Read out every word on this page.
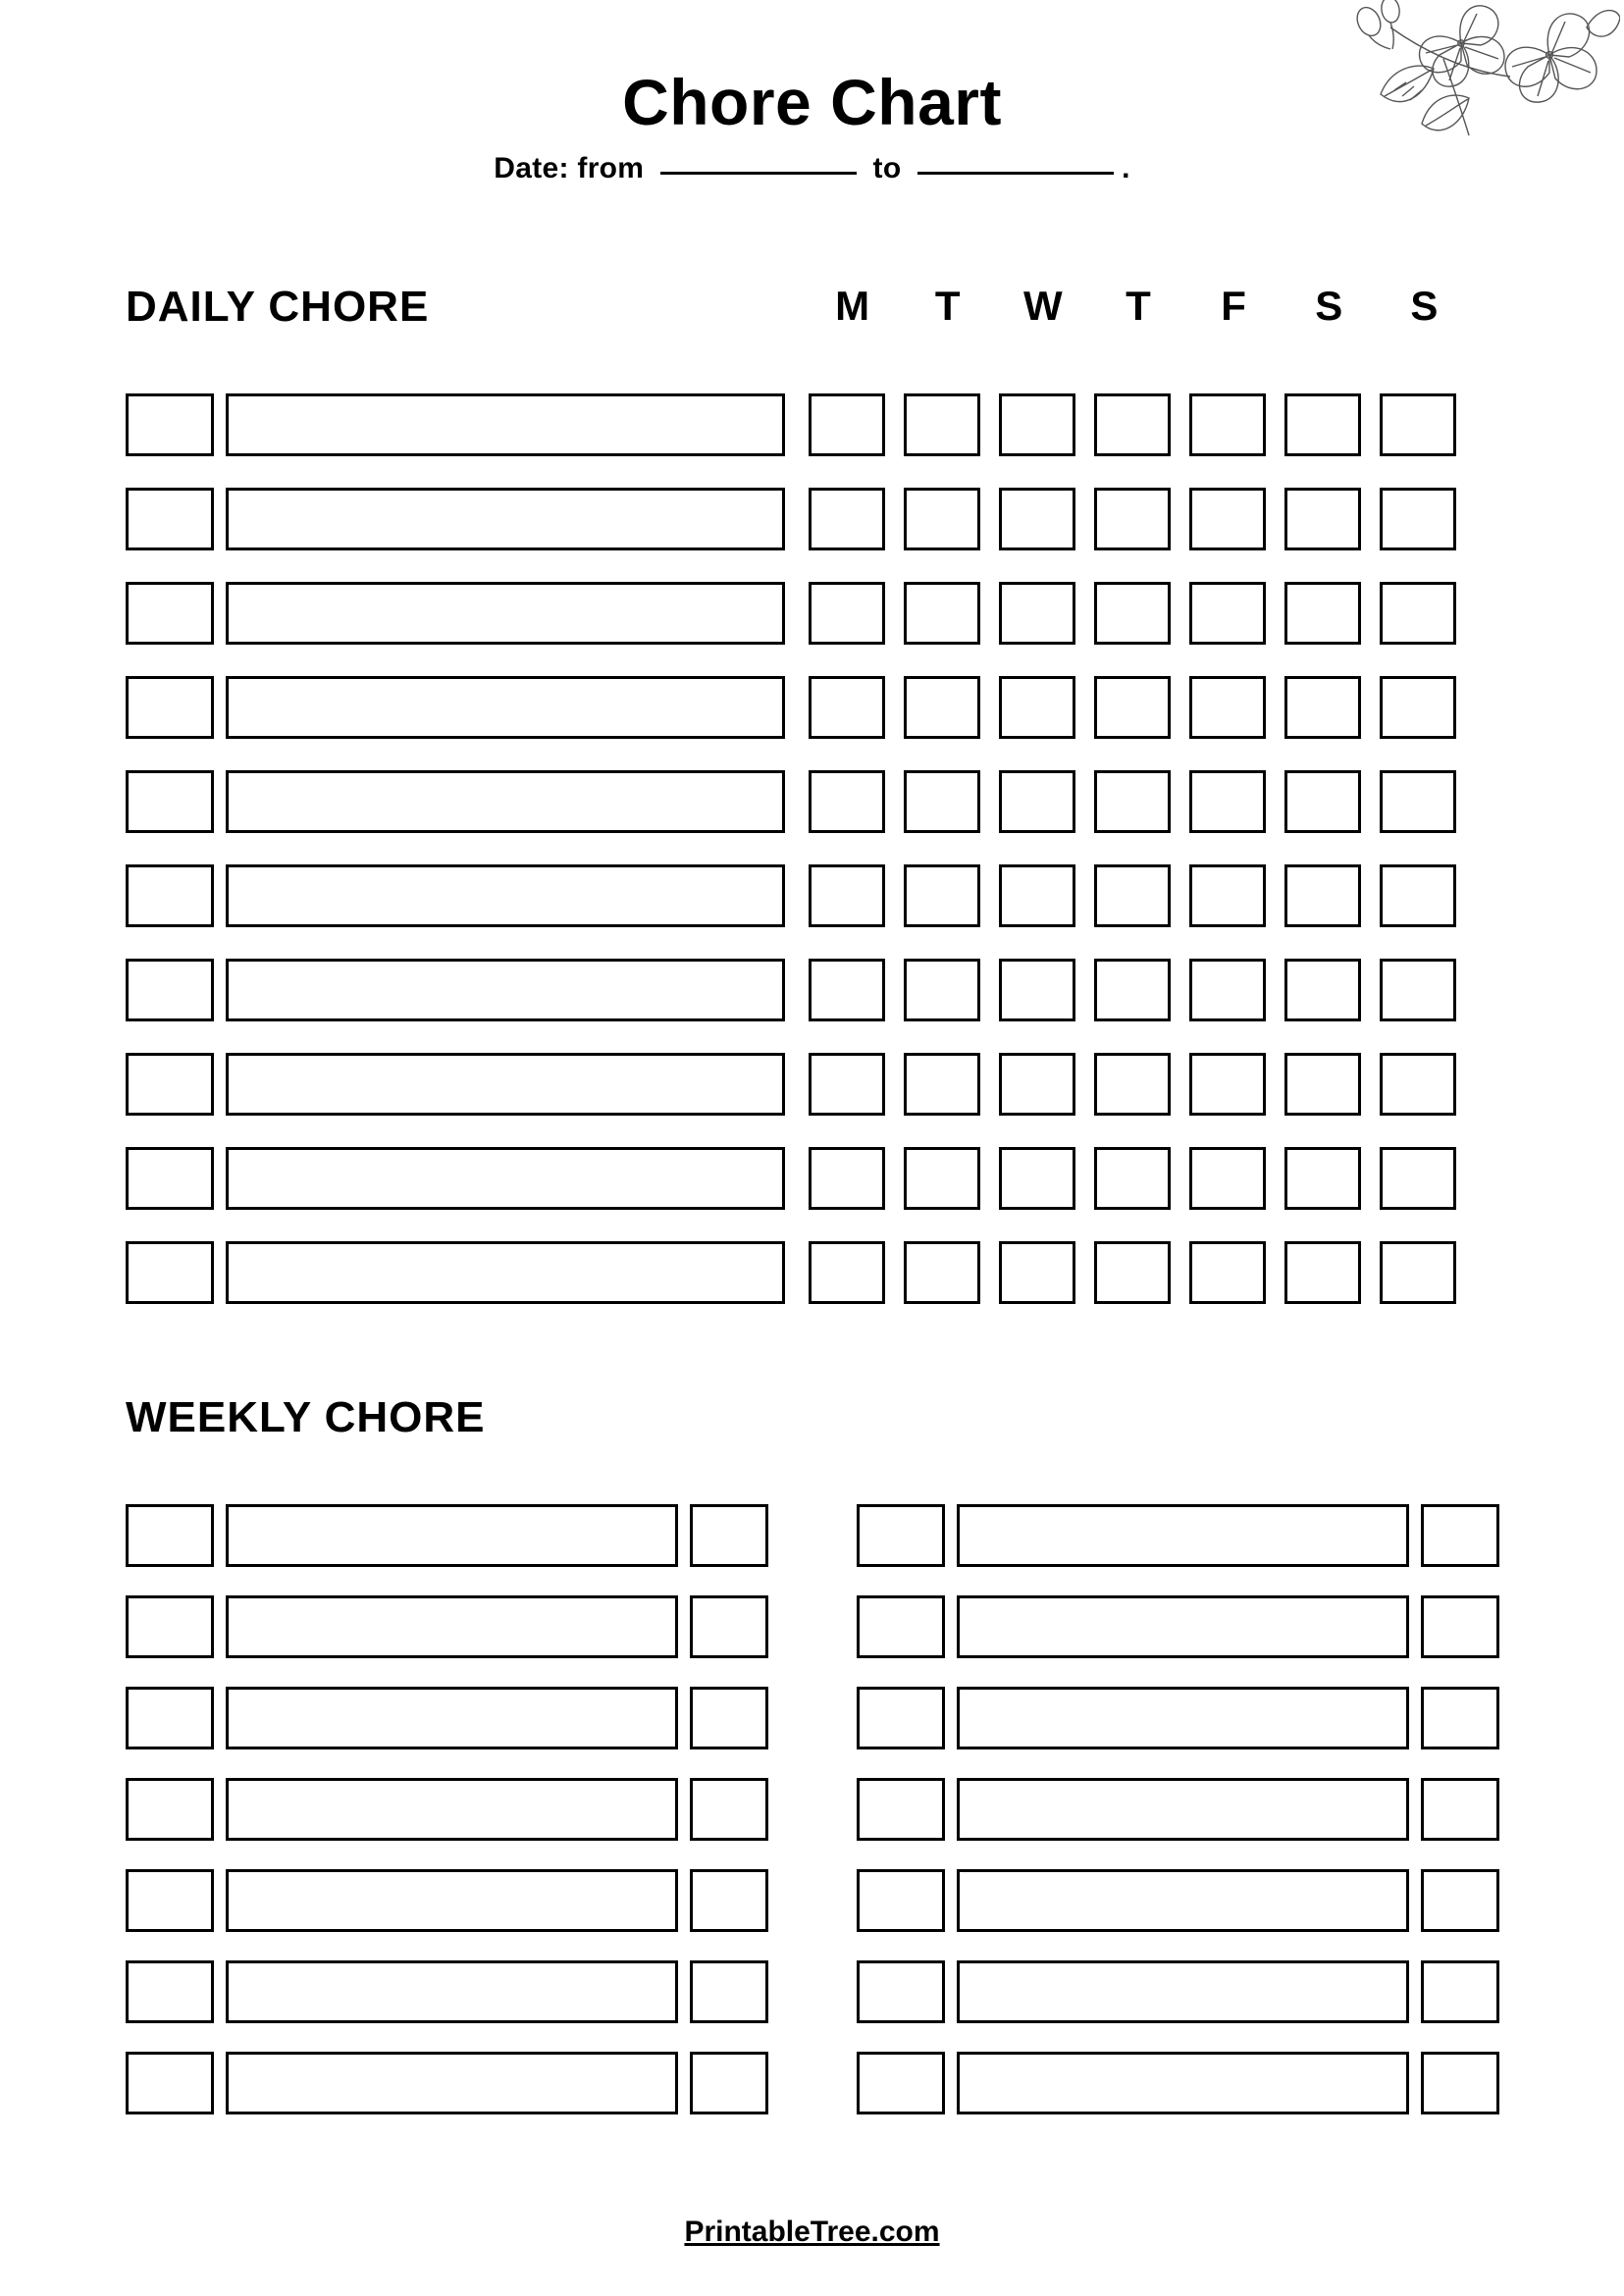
Chore Chart
Date: from	to	.
DAILY CHORE	M	T	W	T	F	S	S
WEEKLY CHORE
PrintableTree.com
